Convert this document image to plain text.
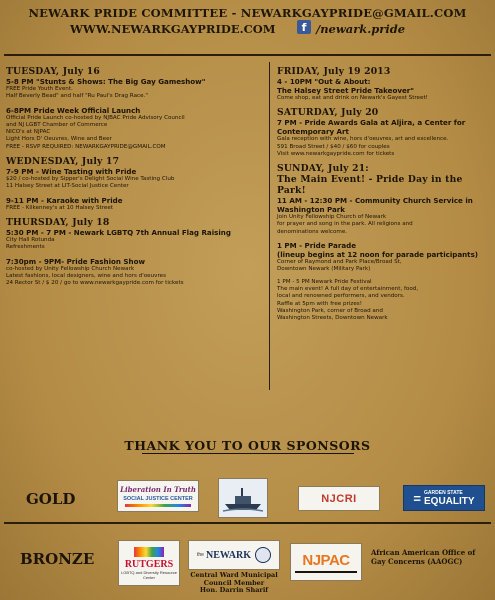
NEWARK PRIDE COMMITTEE - NEWARKGAYPRIDE@GMAIL.COM
WWW.NEWARKGAYPRIDE.COM	f /newark.pride
TUESDAY, July 16
5-8 PM "Stunts & Shows: The Big Gay Gameshow"
FREE Pride Youth Event.
Half Beverly Bead" and half "Ru Paul's Drag Race."
6-8PM Pride Week Official Launch
Official Pride Launch co-hosted by NJBAC Pride Advisory Council
and NJ LGBT Chamber of Commerce
NICO's at NJPAC
Light Hors D' Oeuvres, Wine and Beer
FREE - RSVP REQUIRED: NEWARKGAYPRIDE@GMAIL.COM
WEDNESDAY, July 17
7-9 PM - Wine Tasting with Pride
$20 / co-hosted by Sipper's Delight Social Wine Tasting Club
11 Halsey Street at LIT-Social Justice Center
9-11 PM - Karaoke with Pride
FREE - Kilkenney's at 10 Halsey Street
THURSDAY, July 18
5:30 PM - 7 PM - Newark LGBTQ 7th Annual Flag Raising
City Hall Rotunda
Refreshments
7:30pm - 9PM- Pride Fashion Show
co-hosted by Unity Fellowship Church Newark
Latest fashions, local designers, wine and hors d'oeuvres
24 Rector St / $ 20 / go to www.newarkgaypride.com for tickets
FRIDAY, July 19 2013
4 - 10PM "Out & About:
The Halsey Street Pride Takeover"
Come shop, eat and drink on Newark's Gayest Street!
SATURDAY, July 20
7 PM - Pride Awards Gala at Aljira, a Center for Contemporary Art
Gala reception with wine, hors d'oeuvres, art and excellence.
591 Broad Street / $40 / $60 for couples
Visit www.newarkgaypride.com for tickets
SUNDAY, July 21:
The Main Event! - Pride Day in the Park!
11 AM - 12:30 PM - Community Church Service in Washington Park
Join Unity Fellowship Church of Newark
for prayer and song in the park. All religions and
denominations welcome.
1 PM - Pride Parade
(lineup begins at 12 noon for parade participants)
Corner of Raymond and Park Place/Broad St,
Downtown Newark (Military Park)
1 PM - 5 PM Newark Pride Festival
The main event! A full day of entertainment, food,
local and renowned performers, and vendors.
Raffle at 5pm with free prizes!
Washington Park, corner of Broad and
Washington Streets, Downtown Newark
THANK YOU TO OUR SPONSORS
GOLD
Liberation In Truth
SOCIAL JUSTICE CENTER	NJCRI	= GARDEN STATE
EQUALITY
BRONZE	RUTGERS
LGBTQ and Diversity Resource Center
the NEWARK
Central Ward Municipal
Council Member
Hon. Darrin Sharif
NJPAC	African American Office of Gay Concerns (AAOGC)
